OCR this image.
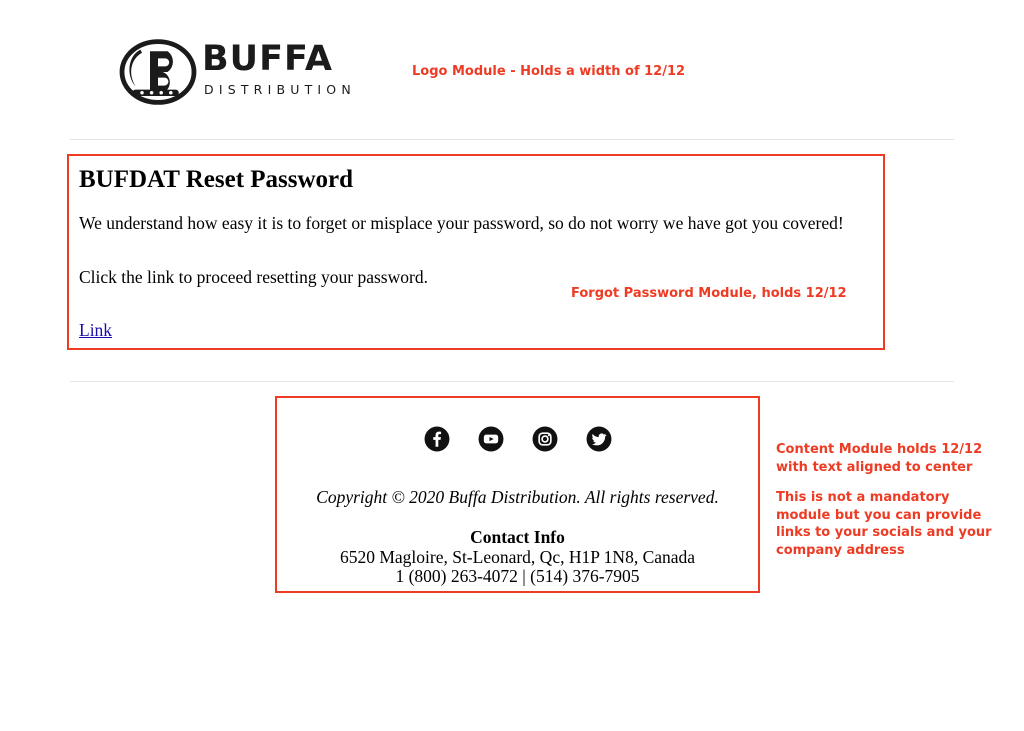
BUFFA
DISTRIBUTION
Logo Module - Holds a width of 12/12
BUFDAT Reset Password
We understand how easy it is to forget or misplace your password, so do not worry we have got you covered!
Click the link to proceed resetting your password.
Link
Forgot Password Module, holds 12/12
Copyright © 2020 Buffa Distribution. All rights reserved.
Contact Info
6520 Magloire, St-Leonard, Qc, H1P 1N8, Canada
1 (800) 263-4072 | (514) 376-7905
Content Module holds 12/12 with text aligned to center
This is not a mandatory module but you can provide links to your socials and your company address
